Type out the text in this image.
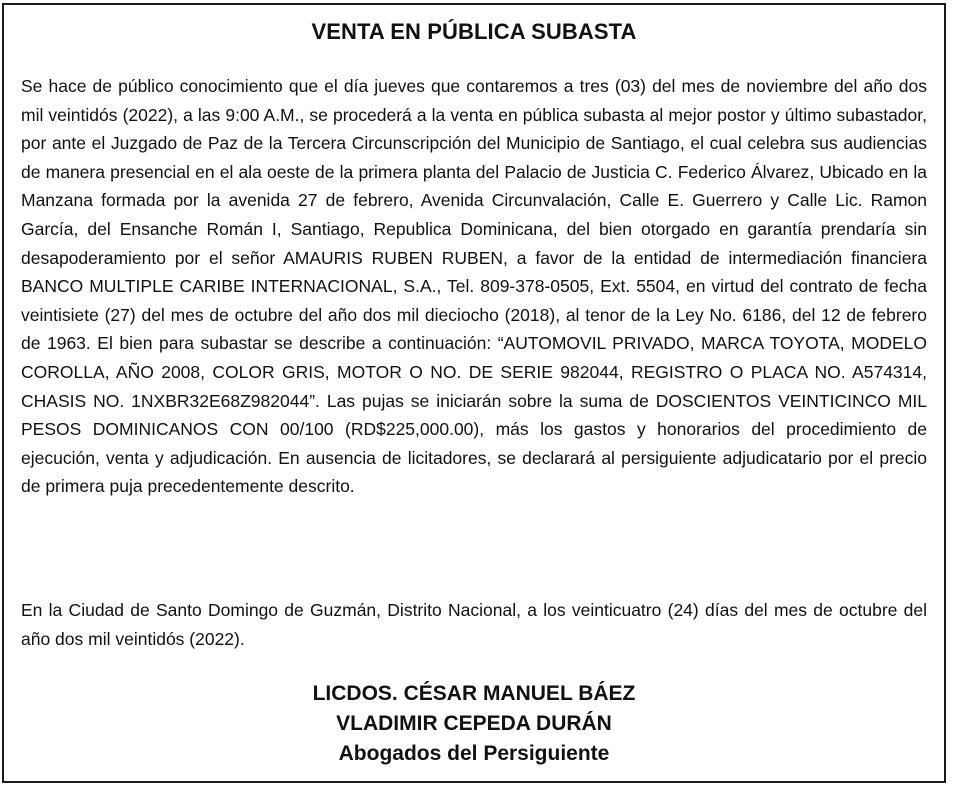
VENTA EN PÚBLICA SUBASTA

Se hace de público conocimiento que el día jueves que contaremos a tres (03) del mes de noviembre del año dos mil veintidós (2022), a las 9:00 A.M., se procederá a la venta en pública subasta al mejor postor y último subastador, por ante el Juzgado de Paz de la Tercera Circunscripción del Municipio de Santiago, el cual celebra sus audiencias de manera presencial en el ala oeste de la primera planta del Palacio de Justicia C. Federico Álvarez, Ubicado en la Manzana formada por la avenida 27 de febrero, Avenida Circunvalación, Calle E. Guerrero y Calle Lic. Ramon García, del Ensanche Román I, Santiago, Republica Dominicana, del bien otorgado en garantía prendaría sin desapoderamiento por el señor AMAURIS RUBEN RUBEN, a favor de la entidad de intermediación financiera BANCO MULTIPLE CARIBE INTERNACIONAL, S.A., Tel. 809-378-0505, Ext. 5504, en virtud del contrato de fecha veintisiete (27) del mes de octubre del año dos mil dieciocho (2018), al tenor de la Ley No. 6186, del 12 de febrero de 1963. El bien para subastar se describe a continuación: “AUTOMOVIL PRIVADO, MARCA TOYOTA, MODELO COROLLA, AÑO 2008, COLOR GRIS, MOTOR O NO. DE SERIE 982044, REGISTRO O PLACA NO. A574314, CHASIS NO. 1NXBR32E68Z982044”. Las pujas se iniciarán sobre la suma de DOSCIENTOS VEINTICINCO MIL PESOS DOMINICANOS CON 00/100 (RD$225,000.00), más los gastos y honorarios del procedimiento de ejecución, venta y adjudicación. En ausencia de licitadores, se declarará al persiguiente adjudicatario por el precio de primera puja precedentemente descrito.

En la Ciudad de Santo Domingo de Guzmán, Distrito Nacional, a los veinticuatro (24) días del mes de octubre del año dos mil veintidós (2022).

LICDOS. CÉSAR MANUEL BÁEZ
VLADIMIR CEPEDA DURÁN
Abogados del Persiguiente
